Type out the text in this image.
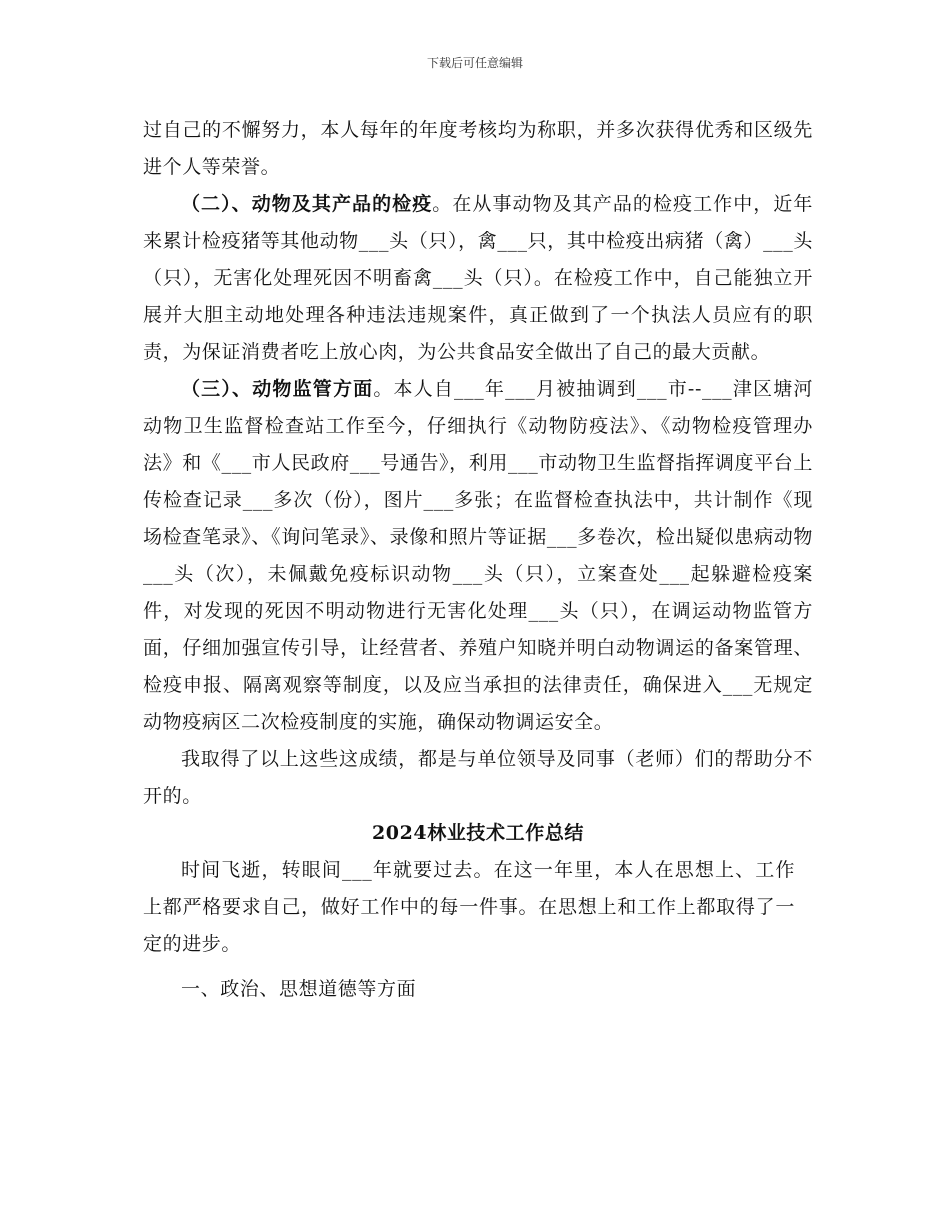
下载后可任意编辑

过自己的不懈努力，本人每年的年度考核均为称职，并多次获得优秀和区级先进个人等荣誉。

（二）、动物及其产品的检疫。在从事动物及其产品的检疫工作中，近年来累计检疫猪等其他动物___头（只），禽___只，其中检疫出病猪（禽）___头（只），无害化处理死因不明畜禽___头（只）。在检疫工作中，自己能独立开展并大胆主动地处理各种违法违规案件，真正做到了一个执法人员应有的职责，为保证消费者吃上放心肉，为公共食品安全做出了自己的最大贡献。

（三）、动物监管方面。本人自___年___月被抽调到___市--___津区塘河动物卫生监督检查站工作至今，仔细执行《动物防疫法》、《动物检疫管理办法》和《___市人民政府___号通告》，利用___市动物卫生监督指挥调度平台上传检查记录___多次（份），图片___多张；在监督检查执法中，共计制作《现场检查笔录》、《询问笔录》、录像和照片等证据___多卷次，检出疑似患病动物___头（次），未佩戴免疫标识动物___头（只），立案查处___起躲避检疫案件，对发现的死因不明动物进行无害化处理___头（只），在调运动物监管方面，仔细加强宣传引导，让经营者、养殖户知晓并明白动物调运的备案管理、检疫申报、隔离观察等制度，以及应当承担的法律责任，确保进入___无规定动物疫病区二次检疫制度的实施，确保动物调运安全。

我取得了以上这些这成绩，都是与单位领导及同事（老师）们的帮助分不开的。

2024林业技术工作总结

时间飞逝，转眼间___年就要过去。在这一年里，本人在思想上、工作上都严格要求自己，做好工作中的每一件事。在思想上和工作上都取得了一定的进步。

一、政治、思想道德等方面
